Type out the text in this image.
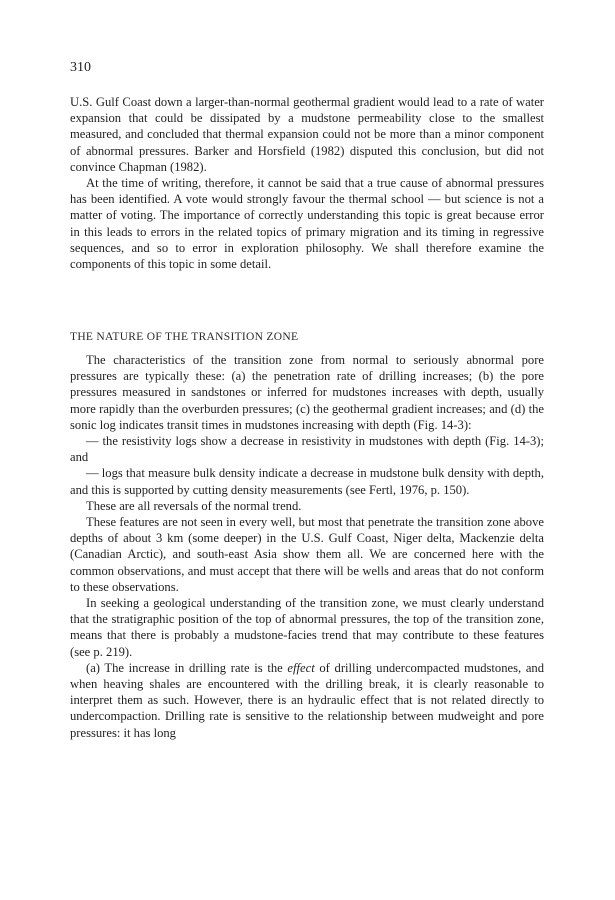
310

U.S. Gulf Coast down a larger-than-normal geothermal gradient would lead to a rate of water expansion that could be dissipated by a mudstone permeability close to the smallest measured, and concluded that thermal expansion could not be more than a minor component of abnormal pressures. Barker and Horsfield (1982) disputed this conclusion, but did not convince Chapman (1982).

At the time of writing, therefore, it cannot be said that a true cause of abnormal pressures has been identified. A vote would strongly favour the thermal school — but science is not a matter of voting. The importance of correctly understanding this topic is great because error in this leads to errors in the related topics of primary migration and its timing in regressive sequences, and so to error in exploration philosophy. We shall therefore examine the components of this topic in some detail.

THE NATURE OF THE TRANSITION ZONE

The characteristics of the transition zone from normal to seriously abnormal pore pressures are typically these: (a) the penetration rate of drilling increases; (b) the pore pressures measured in sandstones or inferred for mudstones increases with depth, usually more rapidly than the overburden pressures; (c) the geothermal gradient increases; and (d) the sonic log indicates transit times in mudstones increasing with depth (Fig. 14-3):

— the resistivity logs show a decrease in resistivity in mudstones with depth (Fig. 14-3); and

— logs that measure bulk density indicate a decrease in mudstone bulk density with depth, and this is supported by cutting density measurements (see Fertl, 1976, p. 150).

These are all reversals of the normal trend.

These features are not seen in every well, but most that penetrate the transition zone above depths of about 3 km (some deeper) in the U.S. Gulf Coast, Niger delta, Mackenzie delta (Canadian Arctic), and south-east Asia show them all. We are concerned here with the common observations, and must accept that there will be wells and areas that do not conform to these observations.

In seeking a geological understanding of the transition zone, we must clearly understand that the stratigraphic position of the top of abnormal pressures, the top of the transition zone, means that there is probably a mudstone-facies trend that may contribute to these features (see p. 219).

(a) The increase in drilling rate is the effect of drilling undercompacted mudstones, and when heaving shales are encountered with the drilling break, it is clearly reasonable to interpret them as such. However, there is an hydraulic effect that is not related directly to undercompaction. Drilling rate is sensitive to the relationship between mudweight and pore pressures: it has long
